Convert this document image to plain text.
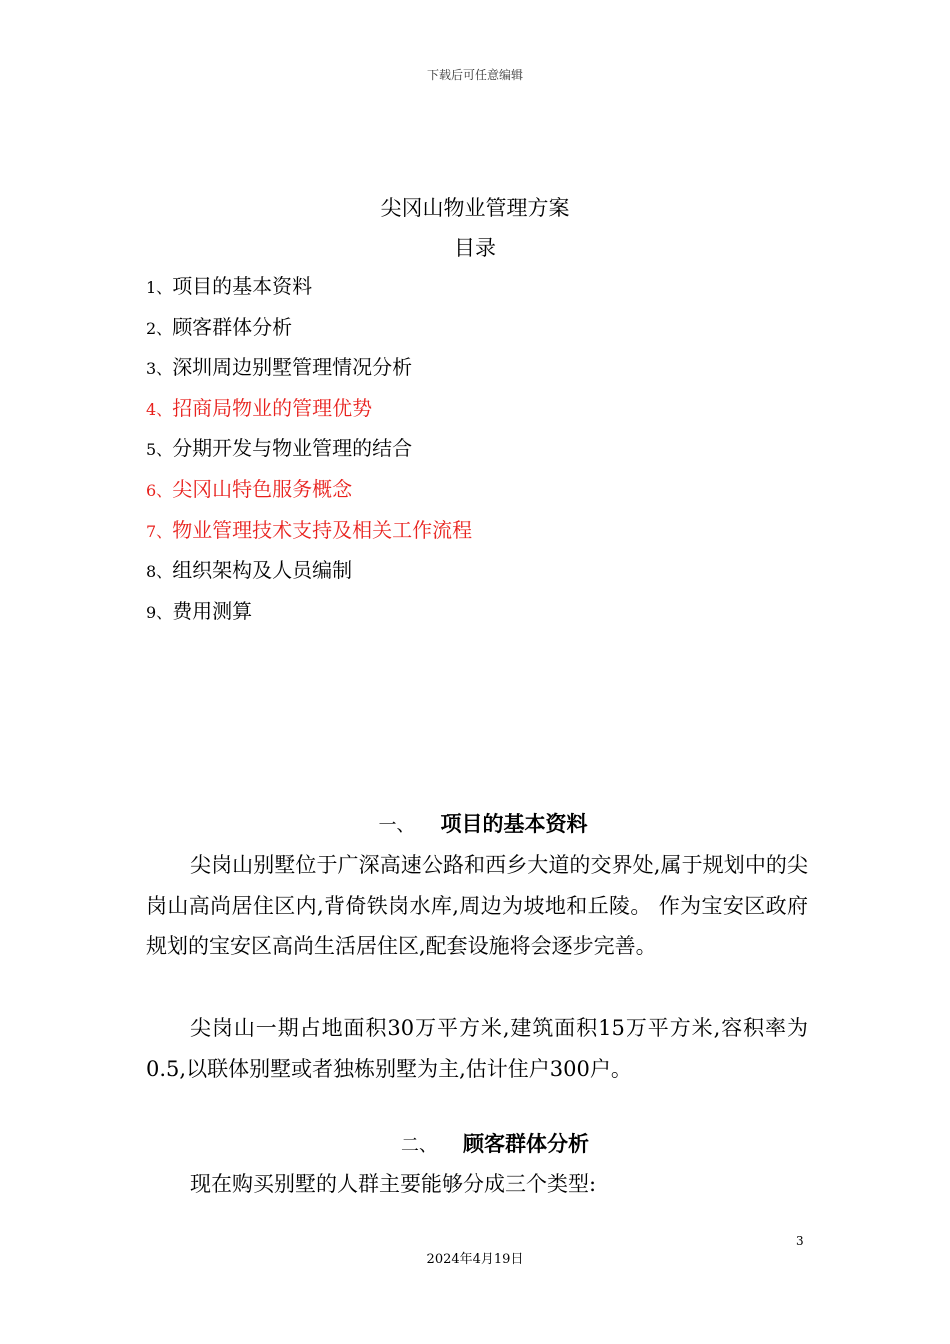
下载后可任意编辑
尖冈山物业管理方案
目录
1、项目的基本资料
2、顾客群体分析
3、深圳周边别墅管理情况分析
4、招商局物业的管理优势
5、分期开发与物业管理的结合
6、尖冈山特色服务概念
7、物业管理技术支持及相关工作流程
8、组织架构及人员编制
9、费用测算
一、 项目的基本资料

尖岗山别墅位于广深高速公路和西乡大道的交界处,属于规划中的尖岗山高尚居住区内,背倚铁岗水库,周边为坡地和丘陵。 作为宝安区政府规划的宝安区高尚生活居住区,配套设施将会逐步完善。

尖岗山一期占地面积30万平方米,建筑面积15万平方米,容积率为0.5,以联体别墅或者独栋别墅为主,估计住户300户。

二、 顾客群体分析

现在购买别墅的人群主要能够分成三个类型:

3
2024年4月19日
